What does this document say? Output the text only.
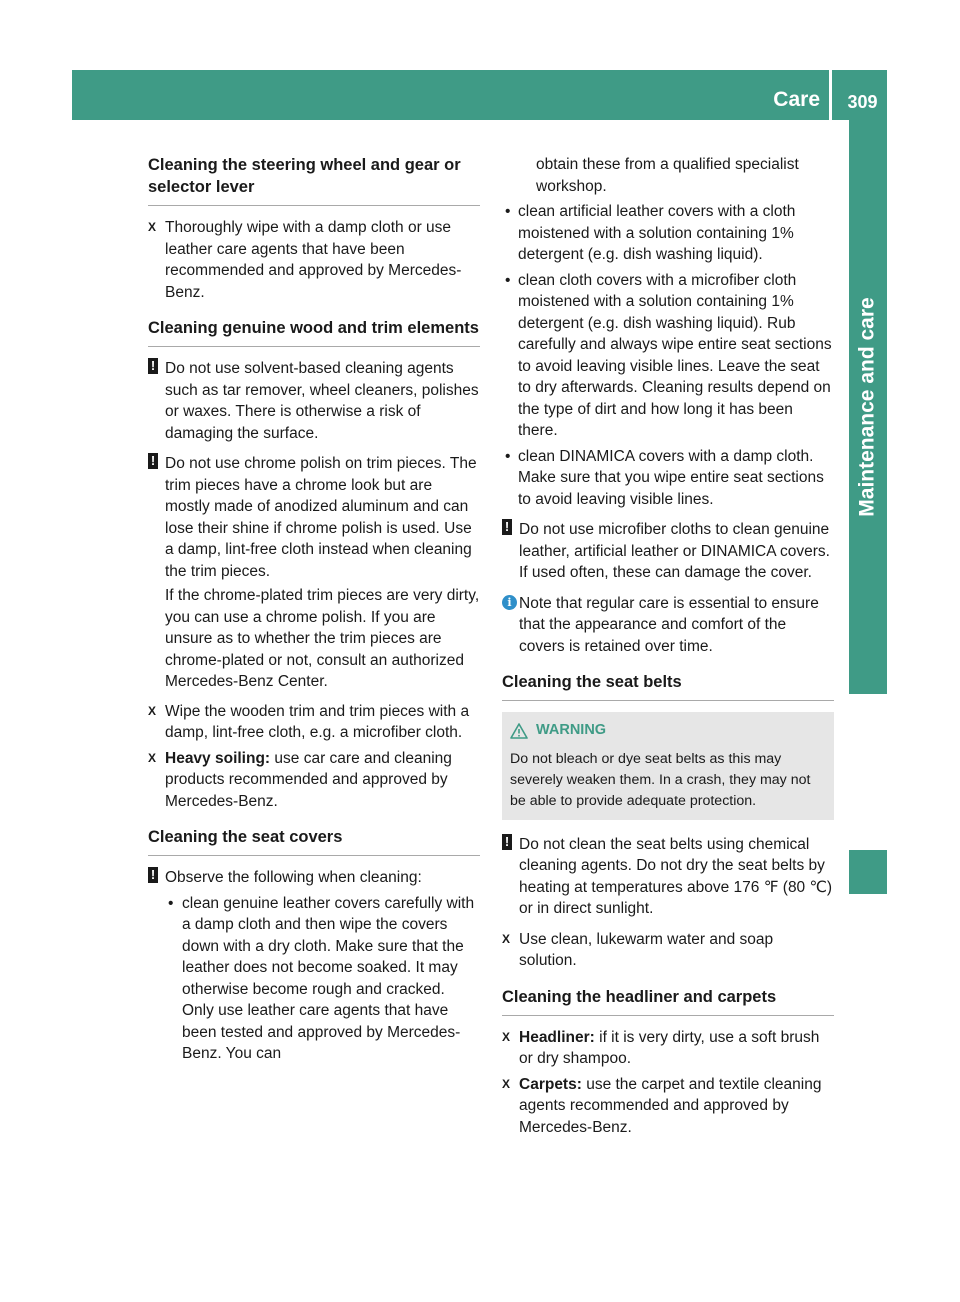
Care	309
Maintenance and care
Cleaning the steering wheel and gear or selector lever
X Thoroughly wipe with a damp cloth or use leather care agents that have been recommended and approved by Mercedes-Benz.
Cleaning genuine wood and trim elements
! Do not use solvent-based cleaning agents such as tar remover, wheel cleaners, polishes or waxes. There is otherwise a risk of damaging the surface.
! Do not use chrome polish on trim pieces. The trim pieces have a chrome look but are mostly made of anodized aluminum and can lose their shine if chrome polish is used. Use a damp, lint-free cloth instead when cleaning the trim pieces.
If the chrome-plated trim pieces are very dirty, you can use a chrome polish. If you are unsure as to whether the trim pieces are chrome-plated or not, consult an authorized Mercedes-Benz Center.
X Wipe the wooden trim and trim pieces with a damp, lint-free cloth, e.g. a microfiber cloth.
X Heavy soiling: use car care and cleaning products recommended and approved by Mercedes-Benz.
Cleaning the seat covers
! Observe the following when cleaning:
• clean genuine leather covers carefully with a damp cloth and then wipe the covers down with a dry cloth. Make sure that the leather does not become soaked. It may otherwise become rough and cracked. Only use leather care agents that have been tested and approved by Mercedes-Benz. You can
obtain these from a qualified specialist workshop.
• clean artificial leather covers with a cloth moistened with a solution containing 1% detergent (e.g. dish washing liquid).
• clean cloth covers with a microfiber cloth moistened with a solution containing 1% detergent (e.g. dish washing liquid). Rub carefully and always wipe entire seat sections to avoid leaving visible lines. Leave the seat to dry afterwards. Cleaning results depend on the type of dirt and how long it has been there.
• clean DINAMICA covers with a damp cloth. Make sure that you wipe entire seat sections to avoid leaving visible lines.
! Do not use microfiber cloths to clean genuine leather, artificial leather or DINAMICA covers. If used often, these can damage the cover.
i Note that regular care is essential to ensure that the appearance and comfort of the covers is retained over time.
Cleaning the seat belts
WARNING
Do not bleach or dye seat belts as this may severely weaken them. In a crash, they may not be able to provide adequate protection.
! Do not clean the seat belts using chemical cleaning agents. Do not dry the seat belts by heating at temperatures above 176 ℉ (80 ℃) or in direct sunlight.
X Use clean, lukewarm water and soap solution.
Cleaning the headliner and carpets
X Headliner: if it is very dirty, use a soft brush or dry shampoo.
X Carpets: use the carpet and textile cleaning agents recommended and approved by Mercedes-Benz.
